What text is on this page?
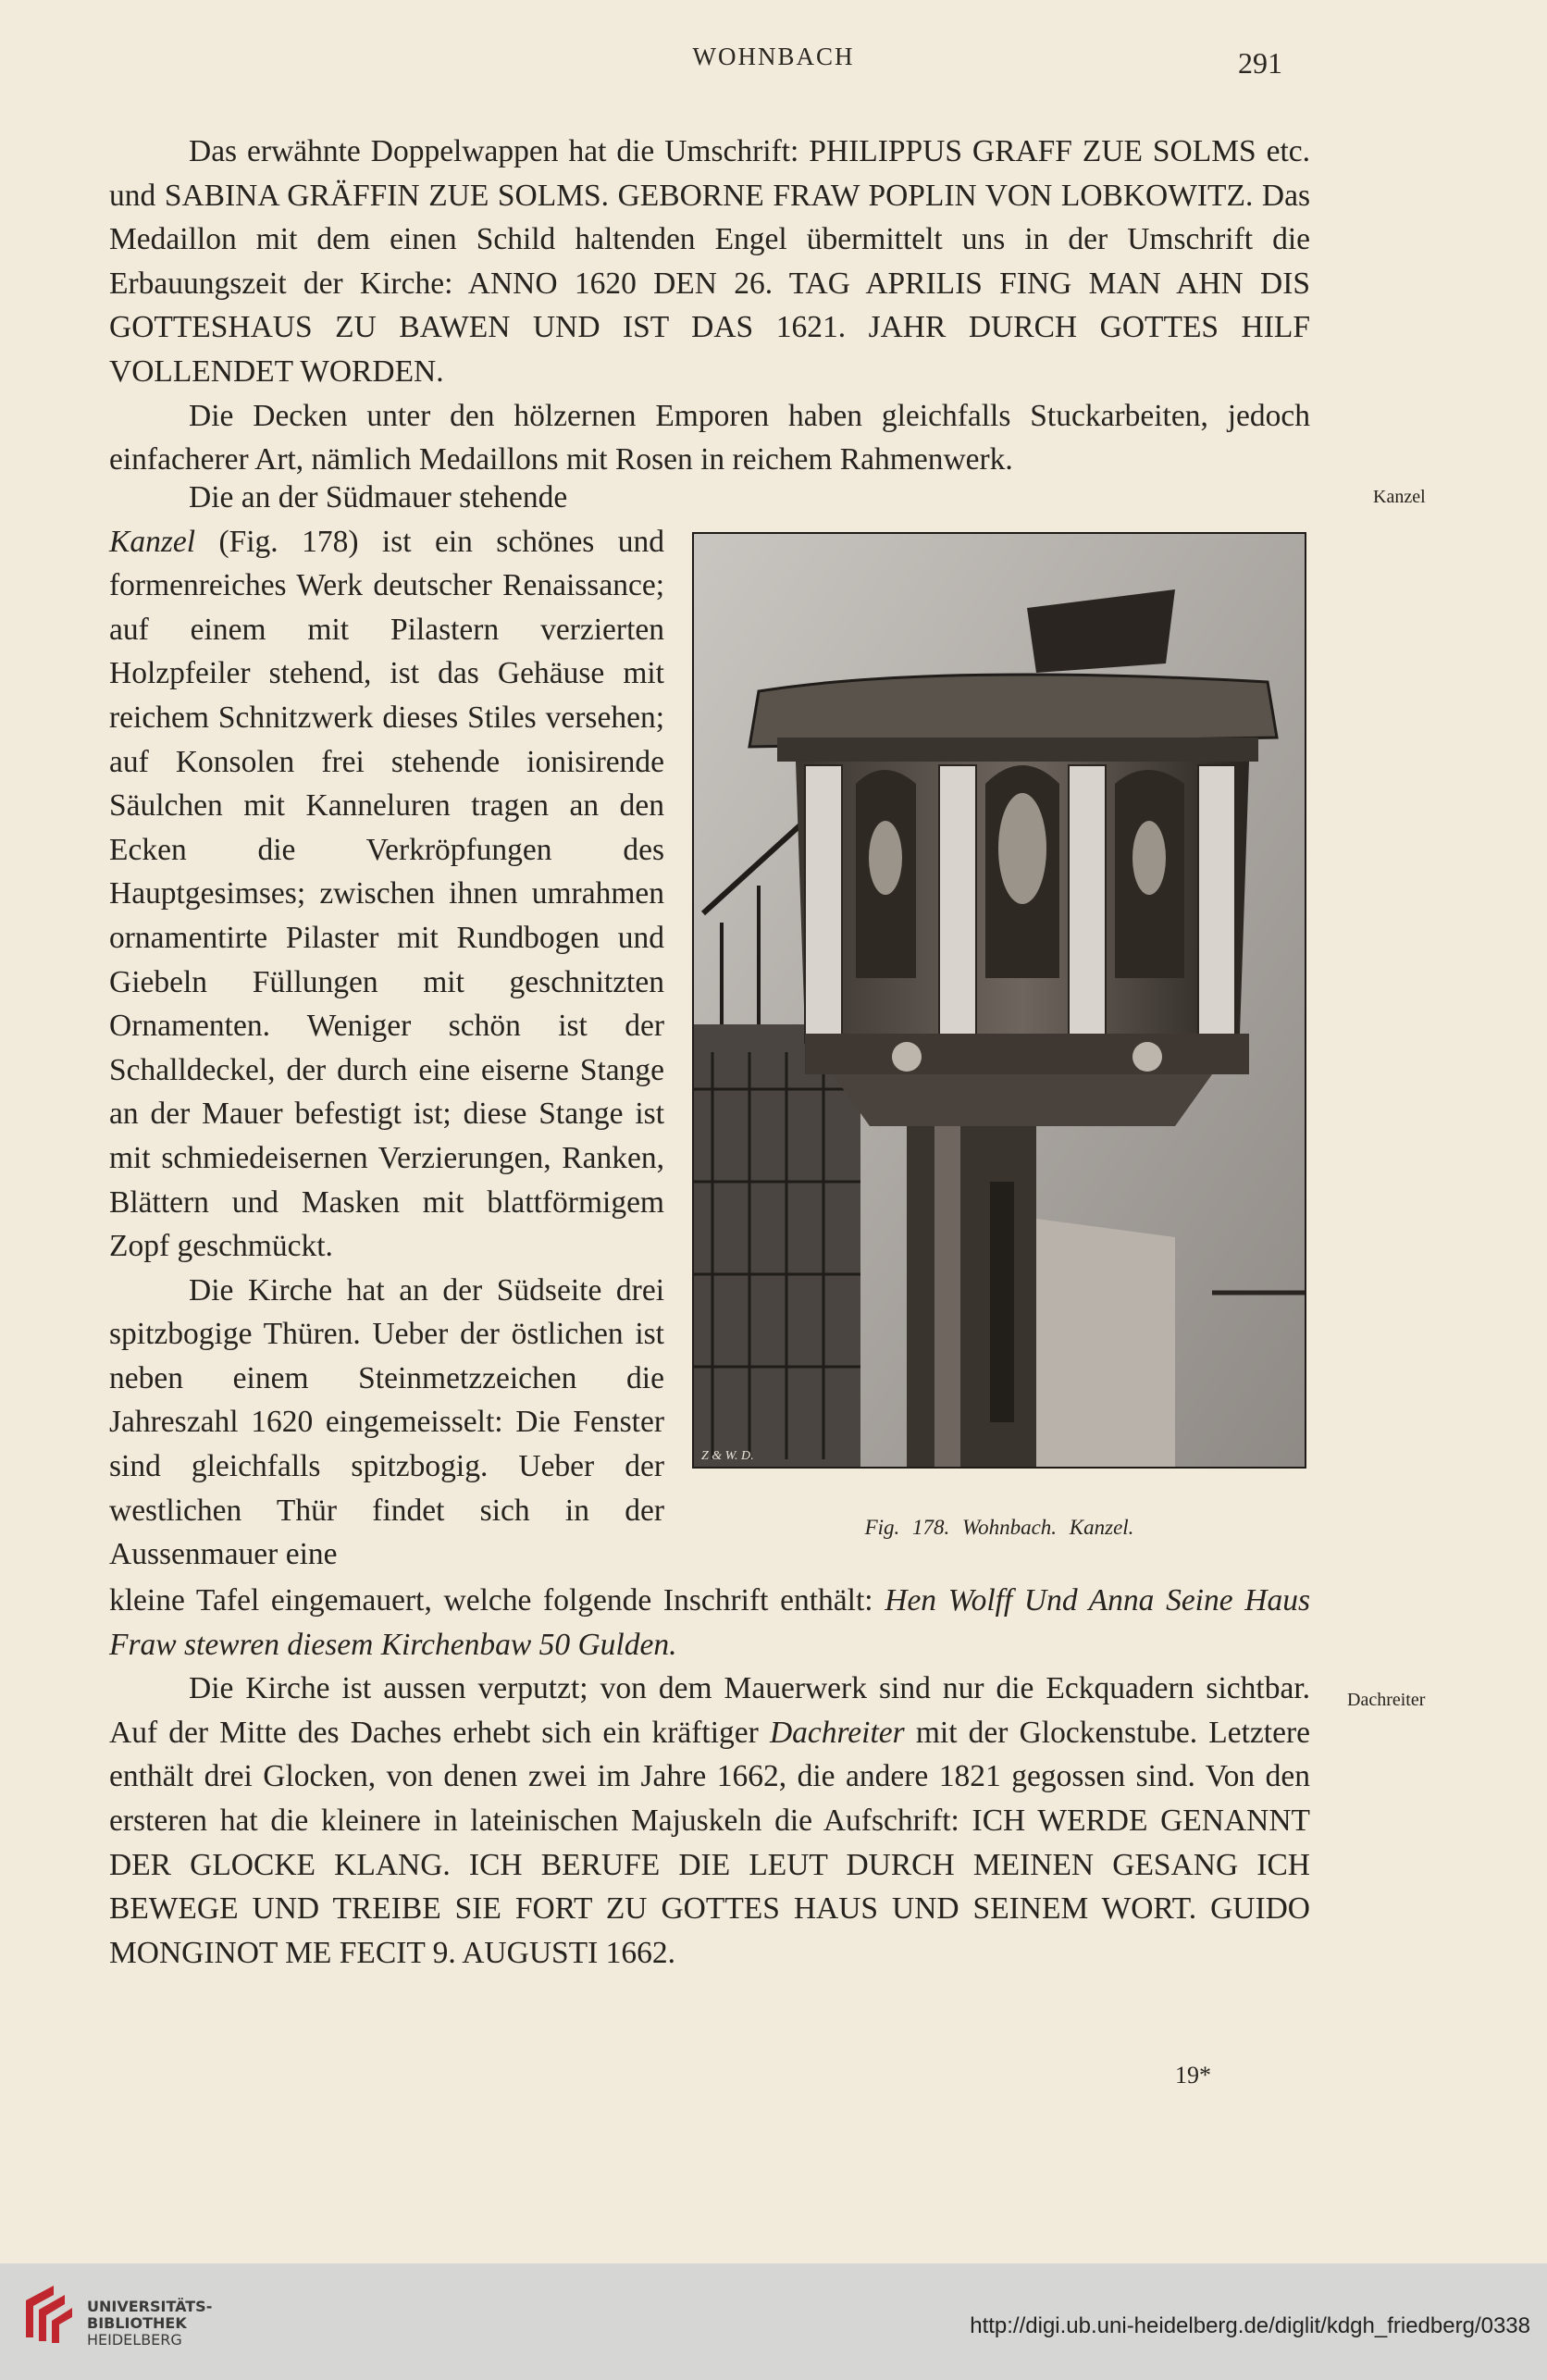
WOHNBACH	291

Das erwähnte Doppelwappen hat die Umschrift: PHILIPPUS GRAFF ZUE SOLMS etc. und SABINA GRÄFFIN ZUE SOLMS. GEBORNE FRAW POPLIN VON LOBKOWITZ. Das Medaillon mit dem einen Schild haltenden Engel übermittelt uns in der Umschrift die Erbauungszeit der Kirche: ANNO 1620 DEN 26. TAG APRILIS FING MAN AHN DIS GOTTESHAUS ZU BAWEN UND IST DAS 1621. JAHR DURCH GOTTES HILF VOLLENDET WORDEN.

Die Decken unter den hölzernen Emporen haben gleichfalls Stuckarbeiten, jedoch einfacherer Art, nämlich Medaillons mit Rosen in reichem Rahmenwerk.

Kanzel

Die an der Südmauer stehende

Kanzel (Fig. 178) ist ein schönes und formenreiches Werk deutscher Renaissance; auf einem mit Pilastern verzierten Holzpfeiler stehend, ist das Gehäuse mit reichem Schnitzwerk dieses Stiles versehen; auf Konsolen frei stehende ionisirende Säulchen mit Kanneluren tragen an den Ecken die Verkröpfungen des Hauptgesimses; zwischen ihnen umrahmen ornamentirte Pilaster mit Rundbogen und Giebeln Füllungen mit geschnitzten Ornamenten. Weniger schön ist der Schalldeckel, der durch eine eiserne Stange an der Mauer befestigt ist; diese Stange ist mit schmiedeisernen Verzierungen, Ranken, Blättern und Masken mit blattförmigem Zopf geschmückt.

Die Kirche hat an der Südseite drei spitzbogige Thüren. Ueber der östlichen ist neben einem Steinmetzzeichen die Jahreszahl 1620 eingemeisselt: Die Fenster sind gleichfalls spitzbogig. Ueber der westlichen Thür findet sich in der Aussenmauer eine

Z & W. D.
Fig. 178. Wohnbach. Kanzel.

kleine Tafel eingemauert, welche folgende Inschrift enthält: Hen Wolff Und Anna Seine Haus Fraw stewren diesem Kirchenbaw 50 Gulden.

Die Kirche ist aussen verputzt; von dem Mauerwerk sind nur die Eckquadern sichtbar. Auf der Mitte des Daches erhebt sich ein kräftiger Dachreiter mit der Glockenstube. Letztere enthält drei Glocken, von denen zwei im Jahre 1662, die andere 1821 gegossen sind. Von den ersteren hat die kleinere in lateinischen Majuskeln die Aufschrift: ICH WERDE GENANNT DER GLOCKE KLANG. ICH BERUFE DIE LEUT DURCH MEINEN GESANG ICH BEWEGE UND TREIBE SIE FORT ZU GOTTES HAUS UND SEINEM WORT. GUIDO MONGINOT ME FECIT 9. AUGUSTI 1662.

Dachreiter
19*
UNIVERSITÄTS-
BIBLIOTHEK
HEIDELBERG
http://digi.ub.uni-heidelberg.de/diglit/kdgh_friedberg/0338
